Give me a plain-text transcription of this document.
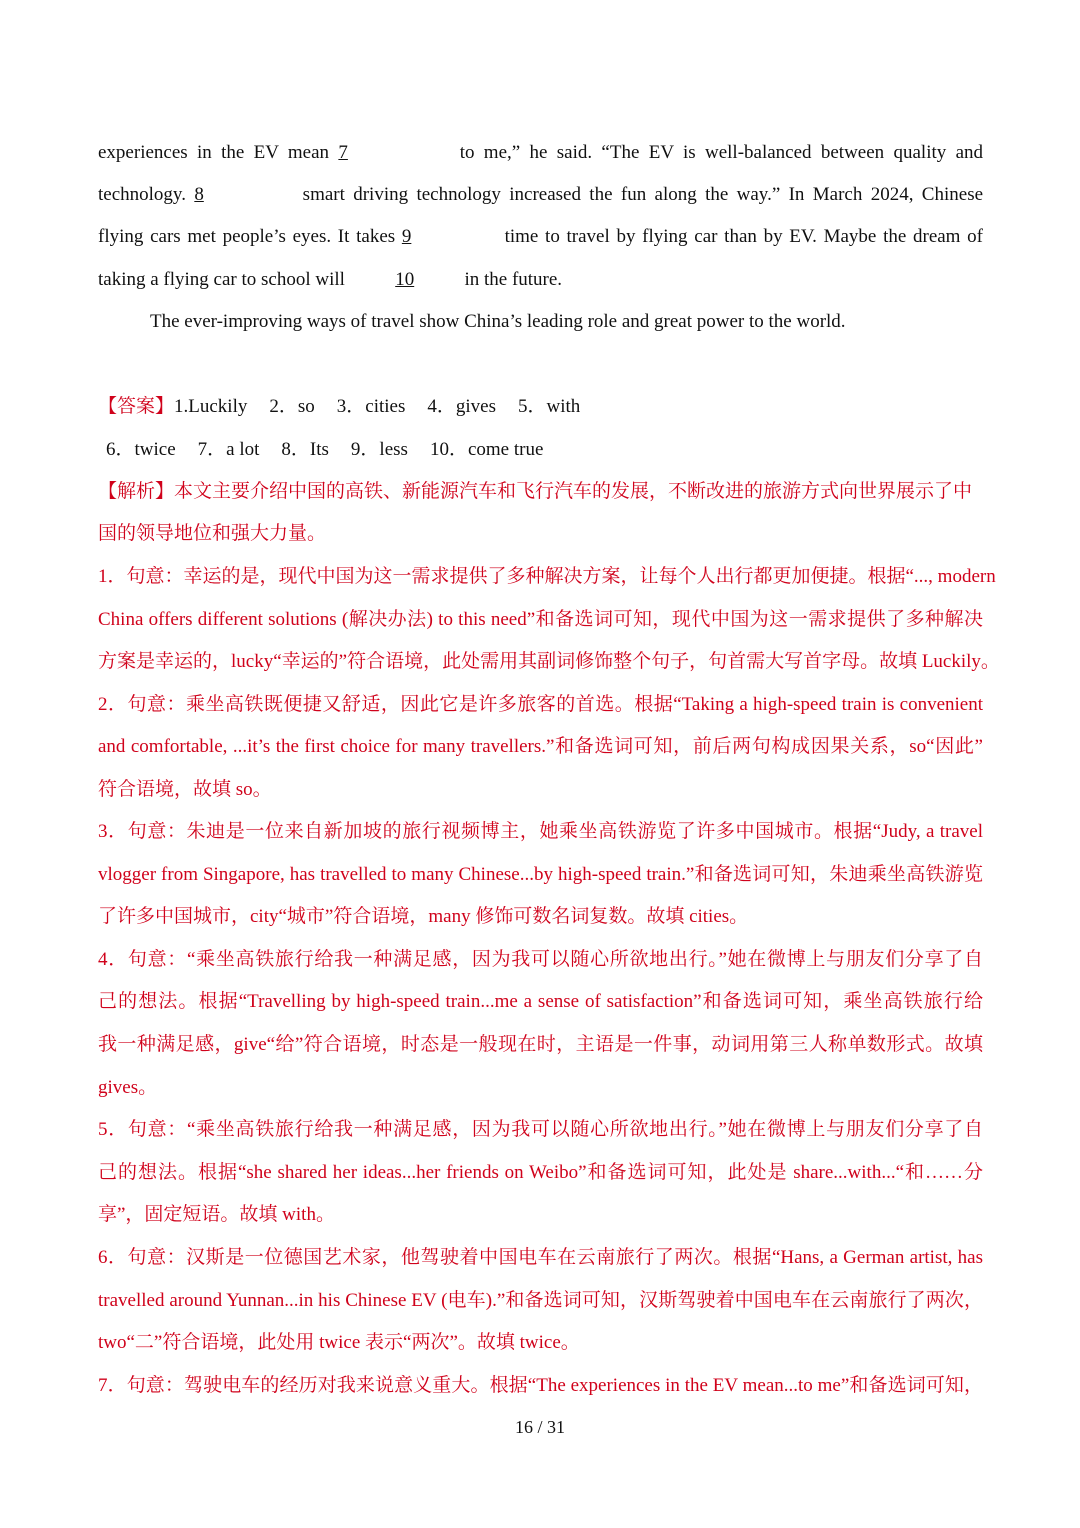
experiences in the EV mean 7	to me,” he said. “The EV is well-balanced between quality and
technology. 8	smart driving technology increased the fun along the way.” In March 2024, Chinese
flying cars met people’s eyes. It takes 9	time to travel by flying car than by EV. Maybe the dream of
taking a flying car to school will	10	in the future.
The ever-improving ways of travel show China’s leading role and great power to the world.
【答案】1.Luckily 2．so 3．cities 4．gives 5．with
6．twice 7．a lot 8．Its 9．less 10．come true
【解析】本文主要介绍中国的高铁、新能源汽车和飞行汽车的发展，不断改进的旅游方式向世界展示了中
国的领导地位和强大力量。
1．句意：幸运的是，现代中国为这一需求提供了多种解决方案，让每个人出行都更加便捷。根据“..., modern
China offers different solutions (解决办法) to this need”和备选词可知，现代中国为这一需求提供了多种解决
方案是幸运的，lucky“幸运的”符合语境，此处需用其副词修饰整个句子，句首需大写首字母。故填 Luckily。
2．句意：乘坐高铁既便捷又舒适，因此它是许多旅客的首选。根据“Taking a high-speed train is convenient
and comfortable, ...it’s the first choice for many travellers.”和备选词可知，前后两句构成因果关系，so“因此”
符合语境，故填 so。
3．句意：朱迪是一位来自新加坡的旅行视频博主，她乘坐高铁游览了许多中国城市。根据“Judy, a travel
vlogger from Singapore, has travelled to many Chinese...by high-speed train.”和备选词可知，朱迪乘坐高铁游览
了许多中国城市，city“城市”符合语境，many 修饰可数名词复数。故填 cities。
4．句意：“乘坐高铁旅行给我一种满足感，因为我可以随心所欲地出行。”她在微博上与朋友们分享了自
己的想法。根据“Travelling by high-speed train...me a sense of satisfaction”和备选词可知，乘坐高铁旅行给
我一种满足感，give“给”符合语境，时态是一般现在时，主语是一件事，动词用第三人称单数形式。故填
gives。
5．句意：“乘坐高铁旅行给我一种满足感，因为我可以随心所欲地出行。”她在微博上与朋友们分享了自
己的想法。根据“she shared her ideas...her friends on Weibo”和备选词可知，此处是 share...with...“和……分
享”，固定短语。故填 with。
6．句意：汉斯是一位德国艺术家，他驾驶着中国电车在云南旅行了两次。根据“Hans, a German artist, has
travelled around Yunnan...in his Chinese EV (电车).”和备选词可知，汉斯驾驶着中国电车在云南旅行了两次，
two“二”符合语境，此处用 twice 表示“两次”。故填 twice。
7．句意：驾驶电车的经历对我来说意义重大。根据“The experiences in the EV mean...to me”和备选词可知，
16 / 31
